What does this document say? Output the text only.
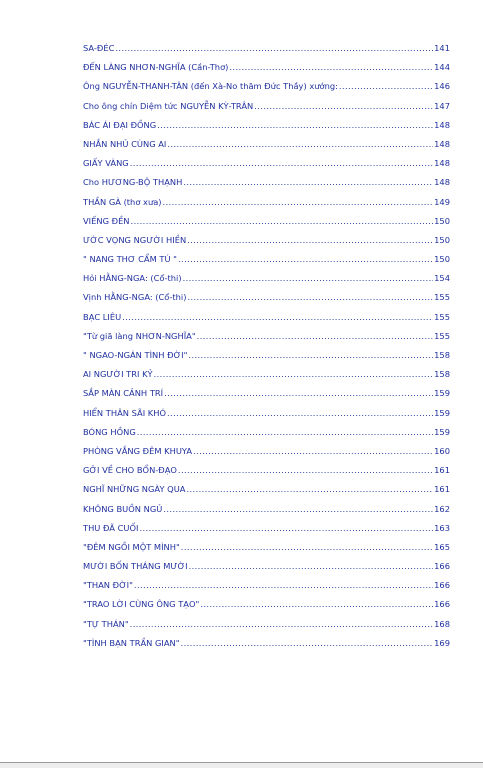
SA-ĐÉC .....	141
ĐẾN LÀNG NHƠN-NGHĨA (Cần-Thơ) .....	144
Ông NGUYỄN-THANH-TÂN (đến Xà-No thăm Đức Thầy) xướng: .....	146
Cho ông chín Diệm tức NGUYỄN KỲ-TRÂN .....	147
BÁC ÁI ĐẠI ĐỒNG .....	148
NHẮN NHỦ CÙNG AI .....	148
GIẤY VÀNG .....	148
Cho HƯƠNG-BỘ THẠNH .....	148
THẦN GÀ (thơ xưa) .....	149
VIẾNG ĐỀN .....	150
ƯỚC VỌNG NGƯỜI HIỀN .....	150
" NANG THƠ CẨM TÚ " .....	150
Hỏi HẰNG-NGA: (Cổ-thi) .....	154
Vịnh HẰNG-NGA: (Cổ-thi) .....	155
BẠC LIÊU .....	155
"Từ giã làng NHƠN-NGHĨA" .....	155
" NGAO-NGÁN TÌNH ĐỜI" .....	158
AI NGƯỜI TRI KỶ .....	158
SẮP MÀN CẢNH TRÍ .....	159
HIỂN THÂN SÃI KHÓ .....	159
BÓNG HỒNG .....	159
PHÒNG VẮNG ĐÊM KHUYA .....	160
GỞI VỀ CHO BỔN-ĐẠO .....	161
NGHĨ NHỮNG NGÀY QUA .....	161
KHÔNG BUỒN NGỦ .....	162
THU ĐÃ CUỐI .....	163
"ĐÊM NGỒI MỘT MÌNH" .....	165
MƯỜI BỐN THÁNG MƯỜI .....	166
"THAN ĐỜI" .....	166
"TRAO LỜI CÙNG ÔNG TẠO" .....	166
"TỰ THÁN" .....	168
"TÌNH BẠN TRẦN GIAN" .....	169
